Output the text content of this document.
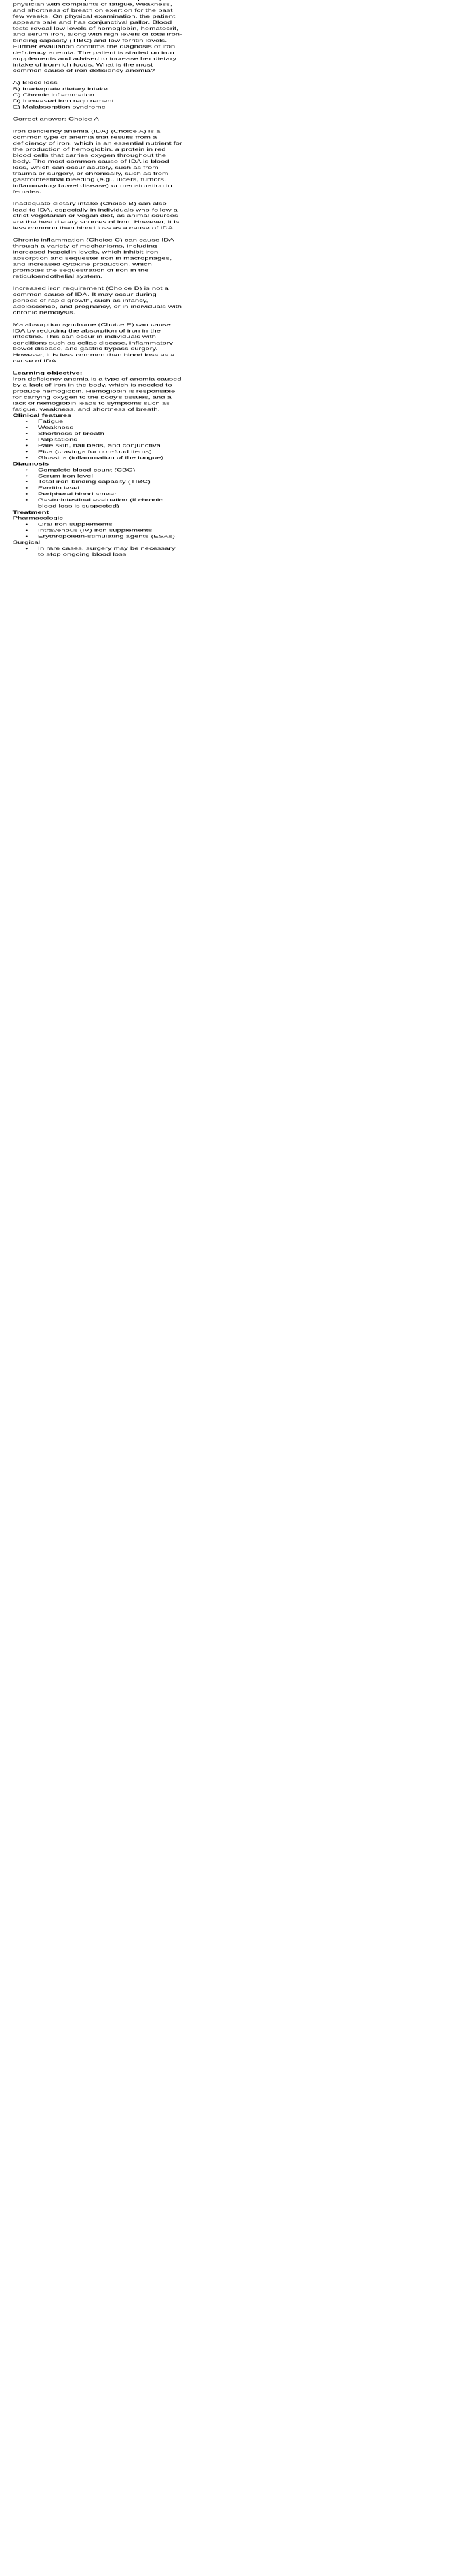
physician with complaints of fatigue, weakness, and shortness of breath on exertion for the past few weeks. On physical examination, the patient appears pale and has conjunctival pallor. Blood tests reveal low levels of hemoglobin, hematocrit, and serum iron, along with high levels of total iron-binding capacity (TIBC) and low ferritin levels. Further evaluation confirms the diagnosis of iron deficiency anemia. The patient is started on iron supplements and advised to increase her dietary intake of iron-rich foods. What is the most common cause of iron deficiency anemia?

A) Blood loss
B) Inadequate dietary intake
C) Chronic inflammation
D) Increased iron requirement
E) Malabsorption syndrome

Correct answer: Choice A

Iron deficiency anemia (IDA) (Choice A) is a common type of anemia that results from a deficiency of iron, which is an essential nutrient for the production of hemoglobin, a protein in red blood cells that carries oxygen throughout the body. The most common cause of IDA is blood loss, which can occur acutely, such as from trauma or surgery, or chronically, such as from gastrointestinal bleeding (e.g., ulcers, tumors, inflammatory bowel disease) or menstruation in females.

Inadequate dietary intake (Choice B) can also lead to IDA, especially in individuals who follow a strict vegetarian or vegan diet, as animal sources are the best dietary sources of iron. However, it is less common than blood loss as a cause of IDA.

Chronic inflammation (Choice C) can cause IDA through a variety of mechanisms, including increased hepcidin levels, which inhibit iron absorption and sequester iron in macrophages, and increased cytokine production, which promotes the sequestration of iron in the reticuloendothelial system.

Increased iron requirement (Choice D) is not a common cause of IDA. It may occur during periods of rapid growth, such as infancy, adolescence, and pregnancy, or in individuals with chronic hemolysis.

Malabsorption syndrome (Choice E) can cause IDA by reducing the absorption of iron in the intestine. This can occur in individuals with conditions such as celiac disease, inflammatory bowel disease, and gastric bypass surgery. However, it is less common than blood loss as a cause of IDA.

Learning objective:
Iron deficiency anemia is a type of anemia caused by a lack of iron in the body, which is needed to produce hemoglobin. Hemoglobin is responsible for carrying oxygen to the body's tissues, and a lack of hemoglobin leads to symptoms such as fatigue, weakness, and shortness of breath.
Clinical features
● Fatigue
● Weakness
● Shortness of breath
● Palpitations
● Pale skin, nail beds, and conjunctiva
● Pica (cravings for non-food items)
● Glossitis (inflammation of the tongue)
Diagnosis
● Complete blood count (CBC)
● Serum iron level
● Total iron-binding capacity (TIBC)
● Ferritin level
● Peripheral blood smear
● Gastrointestinal evaluation (if chronic blood loss is suspected)
Treatment
Pharmacologic
● Oral iron supplements
● Intravenous (IV) iron supplements
● Erythropoietin-stimulating agents (ESAs)
Surgical
● In rare cases, surgery may be necessary to stop ongoing blood loss
